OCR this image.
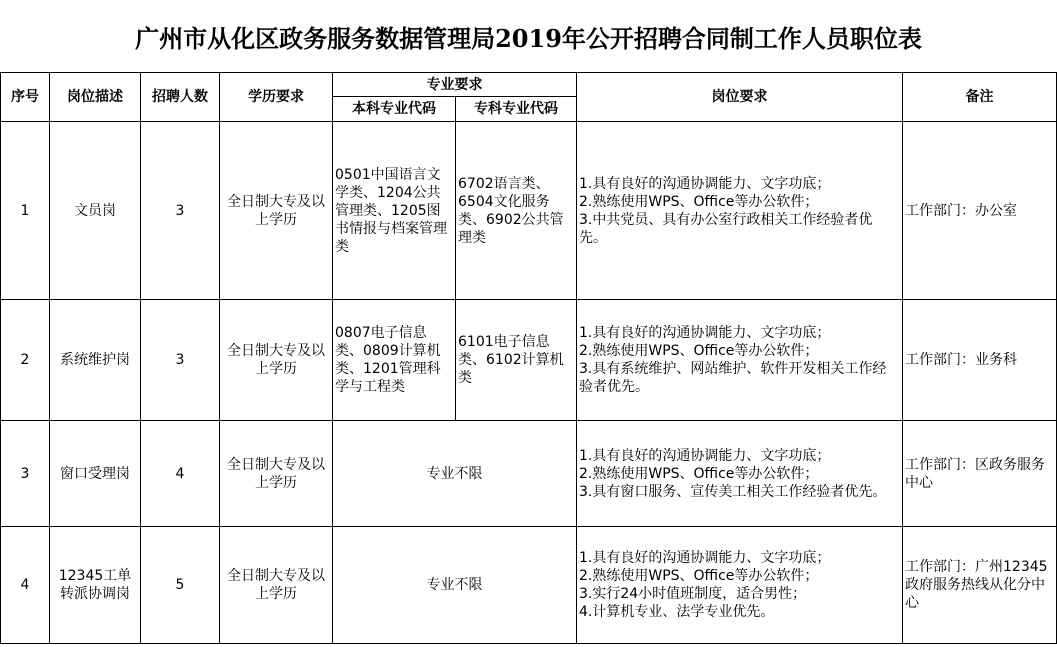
广州市从化区政务服务数据管理局2019年公开招聘合同制工作人员职位表
序号	岗位描述	招聘人数	学历要求	专业要求		岗位要求	备注
				本科专业代码	专科专业代码		
1	文员岗	3	全日制大专及以上学历	0501中国语言文学类、1204公共管理类、1205图书情报与档案管理类	6702语言类、6504文化服务类、6902公共管理类	1.具有良好的沟通协调能力、文字功底；
2.熟练使用WPS、Office等办公软件；
3.中共党员、具有办公室行政相关工作经验者优先。	工作部门：办公室
2	系统维护岗	3	全日制大专及以上学历	0807电子信息类、0809计算机类、1201管理科学与工程类	6101电子信息类、6102计算机类	1.具有良好的沟通协调能力、文字功底；
2.熟练使用WPS、Office等办公软件；
3.具有系统维护、网站维护、软件开发相关工作经验者优先。	工作部门：业务科
3	窗口受理岗	4	全日制大专及以上学历	专业不限		1.具有良好的沟通协调能力、文字功底；
2.熟练使用WPS、Office等办公软件；
3.具有窗口服务、宣传美工相关工作经验者优先。	工作部门：区政务服务中心
4	12345工单转派协调岗	5	全日制大专及以上学历	专业不限		1.具有良好的沟通协调能力、文字功底；
2.熟练使用WPS、Office等办公软件；
3.实行24小时值班制度，适合男性；
4.计算机专业、法学专业优先。	工作部门：广州12345政府服务热线从化分中心
